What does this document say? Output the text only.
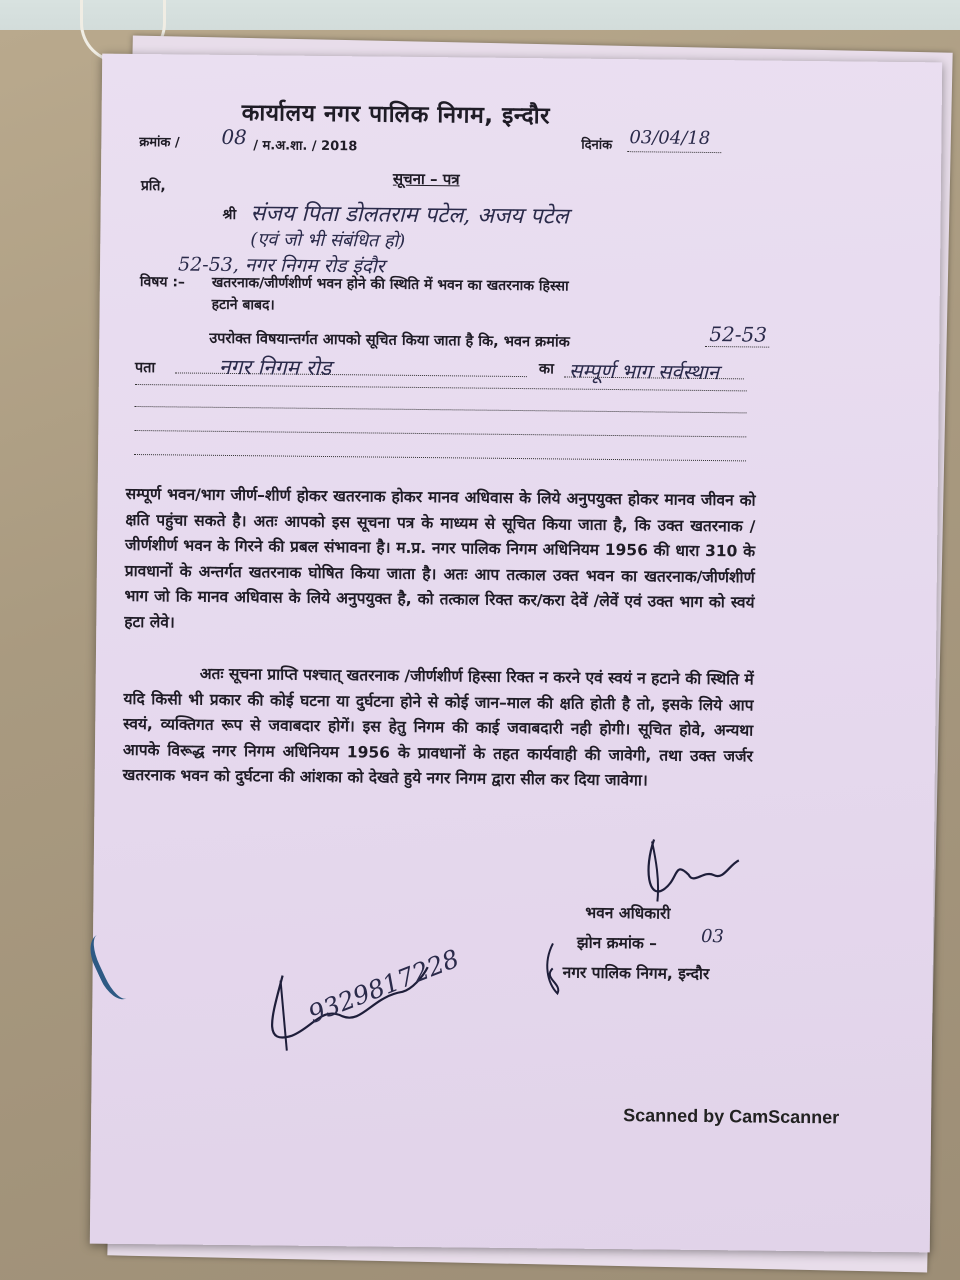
कार्यालय नगर पालिक निगम, इन्दौर
क्रमांक / 08 / म.अ.शा. / 2018	दिनांक 03/04/18
सूचना – पत्र
प्रति,
श्री संजय पिता डोलतराम पटेल, अजय पटेल
(एवं जो भी संबंधित हो)
52-53, नगर निगम रोड इंदौर
विषय :– खतरनाक/जीर्णशीर्ण भवन होने की स्थिति में भवन का खतरनाक हिस्सा
हटाने बाबद।
उपरोक्त विषयान्तर्गत आपको सूचित किया जाता है कि, भवन क्रमांक	52-53
पता	नगर निगम रोड	का सम्पूर्ण भाग सर्वस्थान
सम्पूर्ण भवन/भाग जीर्ण–शीर्ण होकर खतरनाक होकर मानव अधिवास के लिये अनुपयुक्त होकर मानव जीवन को क्षति पहुंचा सकते है। अतः आपको इस सूचना पत्र के माध्यम से सूचित किया जाता है, कि उक्त खतरनाक /जीर्णशीर्ण भवन के गिरने की प्रबल संभावना है। म.प्र. नगर पालिक निगम अधिनियम 1956 की धारा 310 के प्रावधानों के अन्तर्गत खतरनाक घोषित किया जाता है। अतः आप तत्काल उक्त भवन का खतरनाक/जीर्णशीर्ण भाग जो कि मानव अधिवास के लिये अनुपयुक्त है, को तत्काल रिक्त कर/करा देवें /लेवें एवं उक्त भाग को स्वयं हटा लेवे।
अतः सूचना प्राप्ति पश्चात् खतरनाक /जीर्णशीर्ण हिस्सा रिक्त न करने एवं स्वयं न हटाने की स्थिति में यदि किसी भी प्रकार की कोई घटना या दुर्घटना होने से कोई जान–माल की क्षति होती है तो, इसके लिये आप स्वयं, व्यक्तिगत रूप से जवाबदार होगें। इस हेतु निगम की काई जवाबदारी नही होगी। सूचित होवे, अन्यथा आपके विरूद्ध नगर निगम अधिनियम 1956 के प्रावधानों के तहत कार्यवाही की जावेगी, तथा उक्त जर्जर खतरनाक भवन को दुर्घटना की आंशका को देखते हुये नगर निगम द्वारा सील कर दिया जावेगा।
भवन अधिकारी
झोन क्रमांक – 03
नगर पालिक निगम, इन्दौर
9329817228
Scanned by CamScanner
